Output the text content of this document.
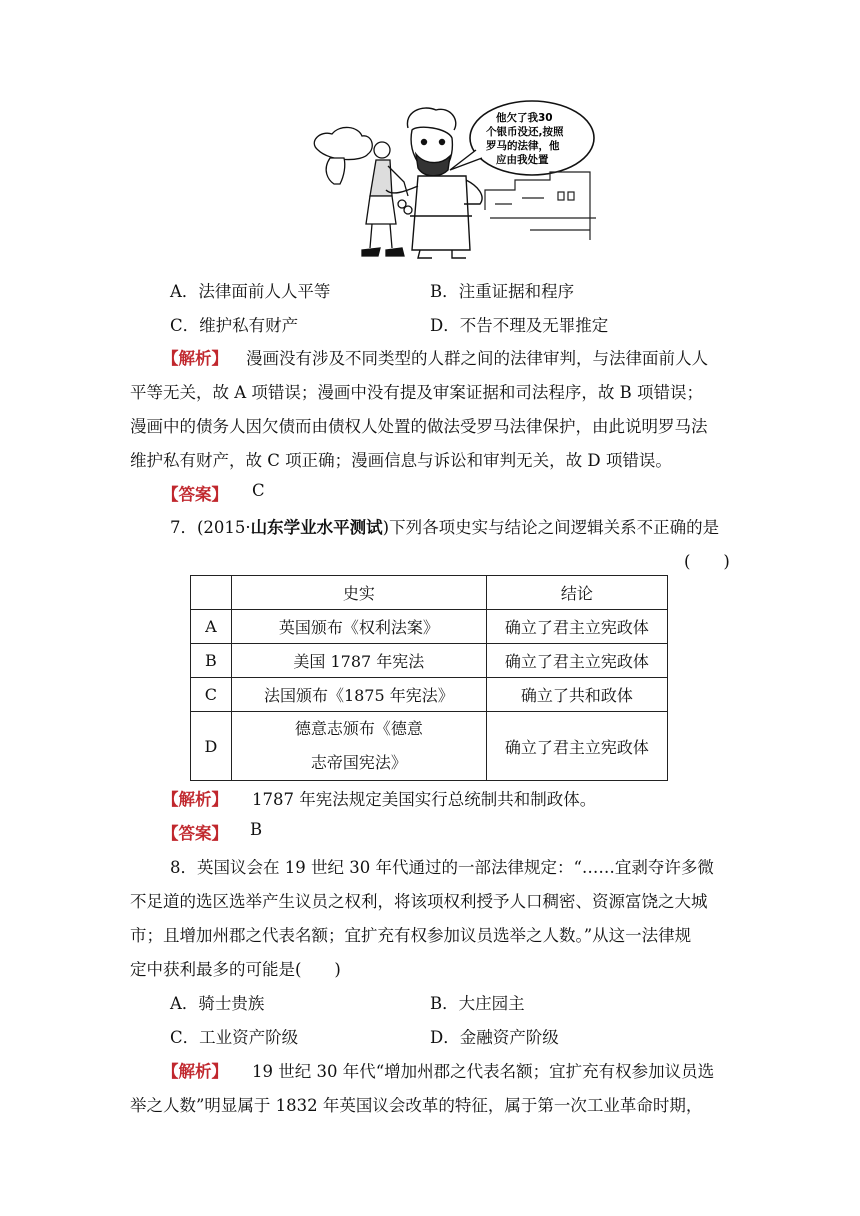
他欠了我30
个银币没还,按照
罗马的法律，他
应由我处置
A．法律面前人人平等	B．注重证据和程序
C．维护私有财产	D．不告不理及无罪推定
【解析】 漫画没有涉及不同类型的人群之间的法律审判，与法律面前人人
平等无关，故 A 项错误；漫画中没有提及审案证据和司法程序，故 B 项错误；
漫画中的债务人因欠债而由债权人处置的做法受罗马法律保护，由此说明罗马法
维护私有财产，故 C 项正确；漫画信息与诉讼和审判无关，故 D 项错误。
【答案】 C
7．(2015·山东学业水平测试)下列各项史实与结论之间逻辑关系不正确的是
(　　)
	史实	结论
A	英国颁布《权利法案》	确立了君主立宪政体
B	美国 1787 年宪法	确立了君主立宪政体
C	法国颁布《1875 年宪法》	确立了共和政体
D	德意志颁布《德意
志帝国宪法》	确立了君主立宪政体
【解析】 1787 年宪法规定美国实行总统制共和制政体。
【答案】 B
8．英国议会在 19 世纪 30 年代通过的一部法律规定：“……宜剥夺许多微
不足道的选区选举产生议员之权利，将该项权利授予人口稠密、资源富饶之大城
市；且增加州郡之代表名额；宜扩充有权参加议员选举之人数。”从这一法律规
定中获利最多的可能是(　　)
A．骑士贵族	B．大庄园主
C．工业资产阶级	D．金融资产阶级
【解析】 19 世纪 30 年代“增加州郡之代表名额；宜扩充有权参加议员选
举之人数”明显属于 1832 年英国议会改革的特征，属于第一次工业革命时期，
